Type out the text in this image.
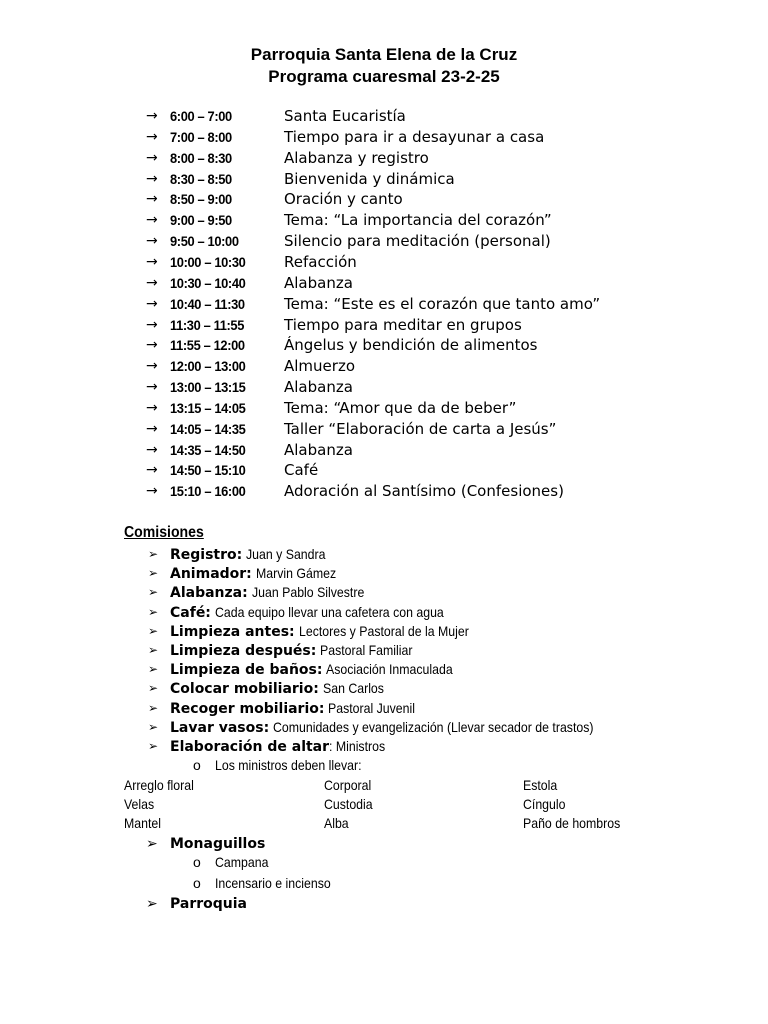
Parroquia Santa Elena de la Cruz
Programa cuaresmal 23-2-25
→ 6:00 – 7:00	Santa Eucaristía
→ 7:00 – 8:00	Tiempo para ir a desayunar a casa
→ 8:00 – 8:30	Alabanza y registro
→ 8:30 – 8:50	Bienvenida y dinámica
→ 8:50 – 9:00	Oración y canto
→ 9:00 – 9:50	Tema: “La importancia del corazón”
→ 9:50 – 10:00	Silencio para meditación (personal)
→ 10:00 – 10:30	Refacción
→ 10:30 – 10:40	Alabanza
→ 10:40 – 11:30	Tema: “Este es el corazón que tanto amo”
→ 11:30 – 11:55	Tiempo para meditar en grupos
→ 11:55 – 12:00	Ángelus y bendición de alimentos
→ 12:00 – 13:00	Almuerzo
→ 13:00 – 13:15	Alabanza
→ 13:15 – 14:05	Tema: “Amor que da de beber”
→ 14:05 – 14:35	Taller “Elaboración de carta a Jesús”
→ 14:35 – 14:50	Alabanza
→ 14:50 – 15:10	Café
→ 15:10 – 16:00	Adoración al Santísimo (Confesiones)
Comisiones
➢ Registro: Juan y Sandra
➢ Animador: Marvin Gámez
➢ Alabanza: Juan Pablo Silvestre
➢ Café: Cada equipo llevar una cafetera con agua
➢ Limpieza antes: Lectores y Pastoral de la Mujer
➢ Limpieza después: Pastoral Familiar
➢ Limpieza de baños: Asociación Inmaculada
➢ Colocar mobiliario: San Carlos
➢ Recoger mobiliario: Pastoral Juvenil
➢ Lavar vasos: Comunidades y evangelización (Llevar secador de trastos)
➢ Elaboración de altar: Ministros
o Los ministros deben llevar:
Arreglo floral	Corporal	Estola
Velas	Custodia	Cíngulo
Mantel	Alba	Paño de hombros
➢ Monaguillos
o Campana
o Incensario e incienso
➢ Parroquia
